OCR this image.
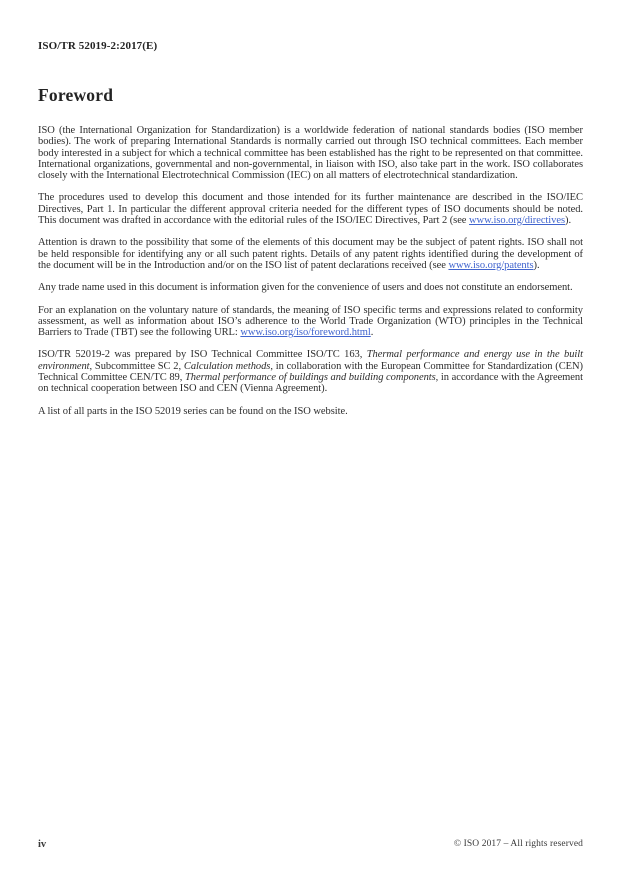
ISO/TR 52019-2:2017(E)
Foreword

ISO (the International Organization for Standardization) is a worldwide federation of national standards bodies (ISO member bodies). The work of preparing International Standards is normally carried out through ISO technical committees. Each member body interested in a subject for which a technical committee has been established has the right to be represented on that committee. International organizations, governmental and non-governmental, in liaison with ISO, also take part in the work. ISO collaborates closely with the International Electrotechnical Commission (IEC) on all matters of electrotechnical standardization.

The procedures used to develop this document and those intended for its further maintenance are described in the ISO/IEC Directives, Part 1. In particular the different approval criteria needed for the different types of ISO documents should be noted. This document was drafted in accordance with the editorial rules of the ISO/IEC Directives, Part 2 (see www.iso.org/directives).

Attention is drawn to the possibility that some of the elements of this document may be the subject of patent rights. ISO shall not be held responsible for identifying any or all such patent rights. Details of any patent rights identified during the development of the document will be in the Introduction and/or on the ISO list of patent declarations received (see www.iso.org/patents).

Any trade name used in this document is information given for the convenience of users and does not constitute an endorsement.

For an explanation on the voluntary nature of standards, the meaning of ISO specific terms and expressions related to conformity assessment, as well as information about ISO’s adherence to the World Trade Organization (WTO) principles in the Technical Barriers to Trade (TBT) see the following URL: www.iso.org/iso/foreword.html.

ISO/TR 52019-2 was prepared by ISO Technical Committee ISO/TC 163, Thermal performance and energy use in the built environment, Subcommittee SC 2, Calculation methods, in collaboration with the European Committee for Standardization (CEN) Technical Committee CEN/TC 89, Thermal performance of buildings and building components, in accordance with the Agreement on technical cooperation between ISO and CEN (Vienna Agreement).

A list of all parts in the ISO 52019 series can be found on the ISO website.

iv	© ISO 2017 – All rights reserved
